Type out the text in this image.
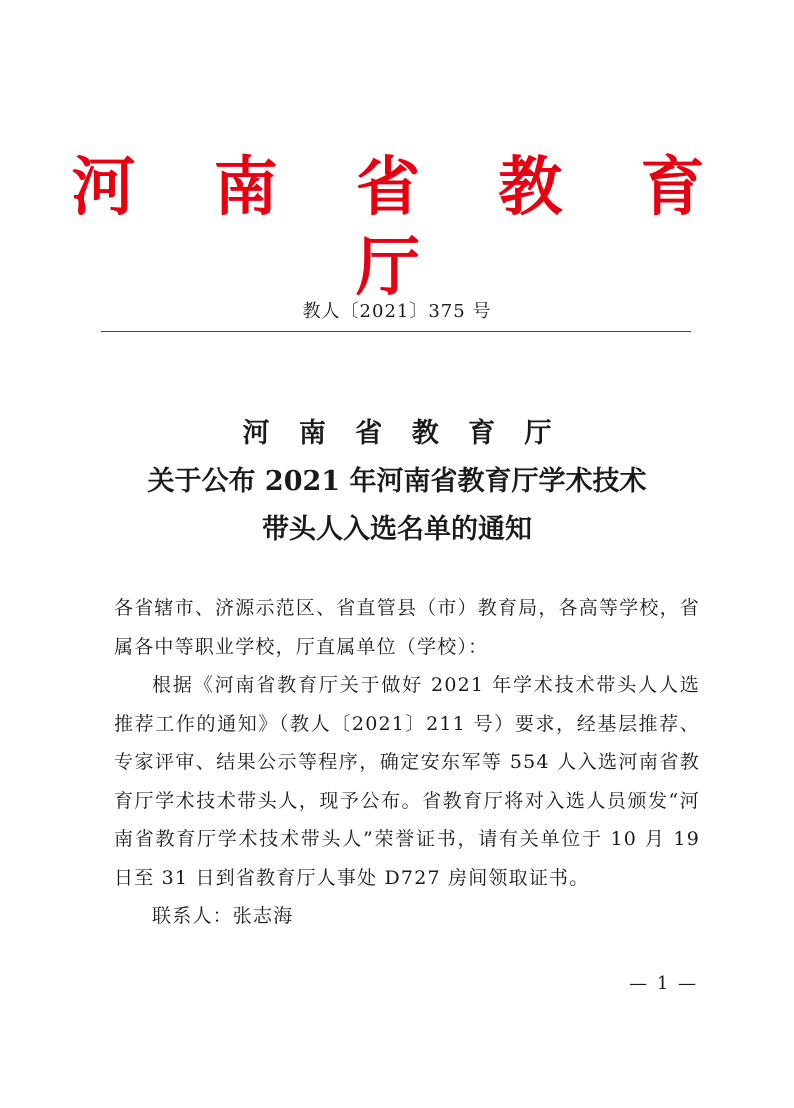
河 南 省 教 育 厅
教人〔2021〕375 号
河 南 省 教 育 厅
关于公布 2021 年河南省教育厅学术技术
带头人入选名单的通知

各省辖市、济源示范区、省直管县（市）教育局，各高等学校，省属各中等职业学校，厅直属单位（学校）：

根据《河南省教育厅关于做好 2021 年学术技术带头人人选推荐工作的通知》（教人〔2021〕211 号）要求，经基层推荐、专家评审、结果公示等程序，确定安东军等 554 人入选河南省教育厅学术技术带头人，现予公布。省教育厅将对入选人员颁发“河南省教育厅学术技术带头人”荣誉证书，请有关单位于 10 月 19 日至 31 日到省教育厅人事处 D727 房间领取证书。

联系人：张志海

— 1 —
